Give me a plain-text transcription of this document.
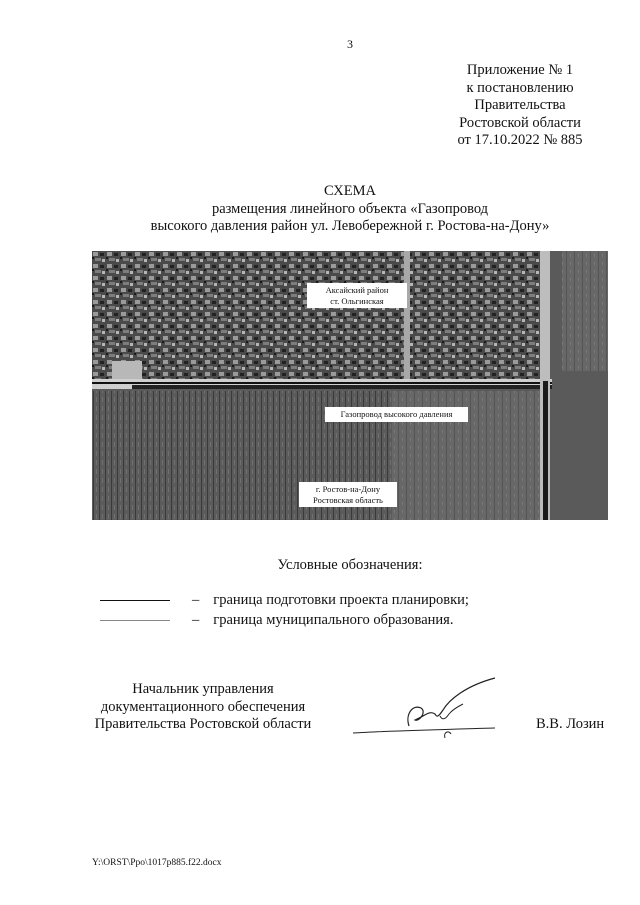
3
Приложение № 1
к постановлению
Правительства
Ростовской области
от 17.10.2022 № 885
СХЕМА
размещения линейного объекта «Газопровод
высокого давления район ул. Левобережной г. Ростова-на-Дону»
Аксайский район
ст. Ольгинская
Газопровод высокого давления
г. Ростов-на-Дону
Ростовская область
Условные обозначения:
– граница подготовки проекта планировки;
– граница муниципального образования.
Начальник управления
документационного обеспечения
Правительства Ростовской области	В.В. Лозин
Y:\ORST\Ppo\1017p885.f22.docx
